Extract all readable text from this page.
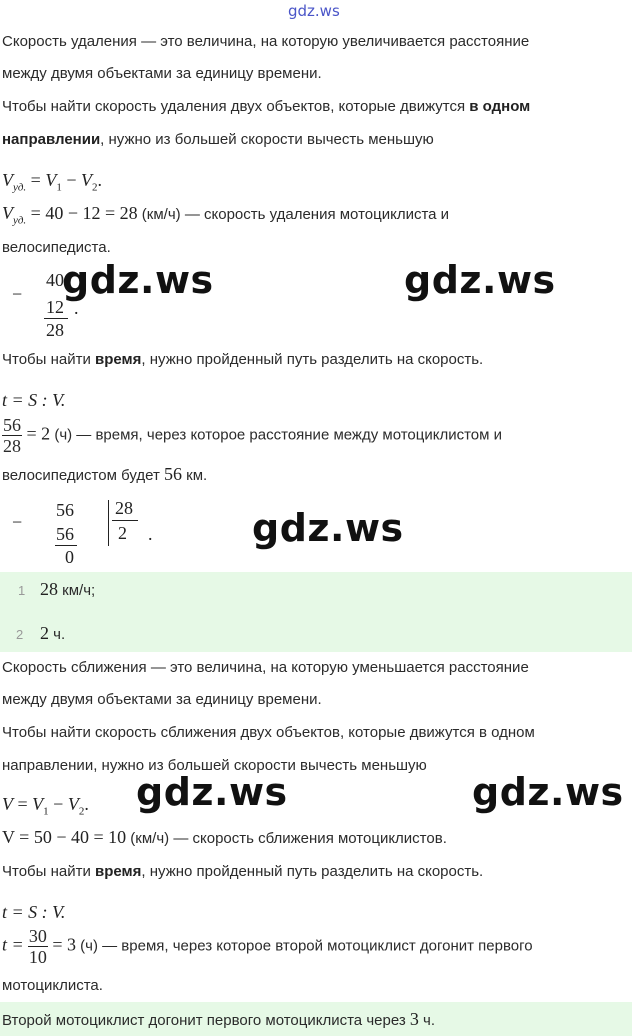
gdz.ws
Скорость удаления — это величина, на которую увеличивается расстояние
между двумя объектами за единицу времени.
Чтобы найти скорость удаления двух объектов, которые движутся в одном
направлении, нужно из большей скорости вычесть меньшую
$V_{уд.} = V_1 - V_2$.
$V_{уд.} = 40 - 12 = 28$ (км/ч) — скорость удаления мотоциклиста и
велосипедиста.
−
40
12
28
.
gdz.ws	gdz.ws
Чтобы найти время, нужно пройденный путь разделить на скорость.
t = S : V.
$\frac{56}{28} = 2$ (ч) — время, через которое расстояние между мотоциклистом и
велосипедистом будет 56 км.
−
56
56
0
28
2 .	gdz.ws
1 28 км/ч;
2 2 ч.
Скорость сближения — это величина, на которую уменьшается расстояние
между двумя объектами за единицу времени.
Чтобы найти скорость сближения двух объектов, которые движутся в одном
направлении, нужно из большей скорости вычесть меньшую
$V = V_1 - V_2$. gdz.ws	gdz.ws
V = 50 − 40 = 10 (км/ч) — скорость сближения мотоциклистов.
Чтобы найти время, нужно пройденный путь разделить на скорость.
t = S : V.
$t = \frac{30}{10} = 3$ (ч) — время, через которое второй мотоциклист догонит первого
мотоциклиста.
Второй мотоциклист догонит первого мотоциклиста через 3 ч.
